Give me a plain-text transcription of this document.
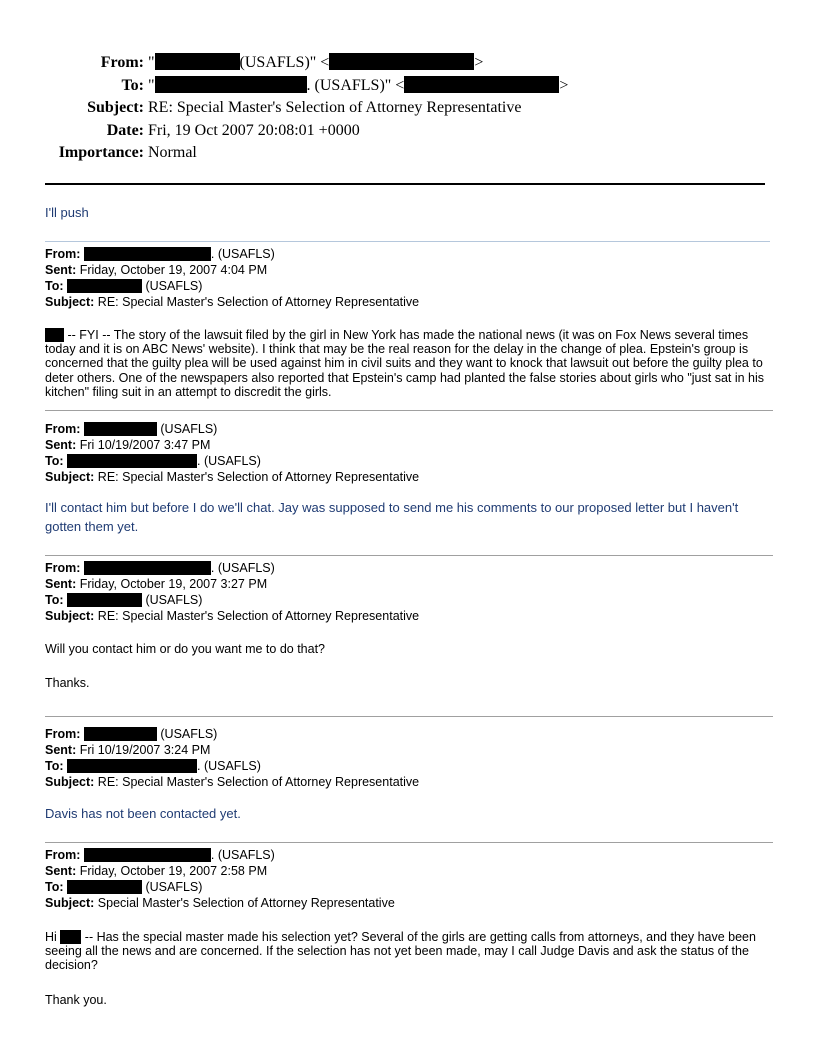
From: "	(USAFLS)" <	>
To: "	. (USAFLS)" <	>
Subject: RE: Special Master's Selection of Attorney Representative
Date: Fri, 19 Oct 2007 20:08:01 +0000
Importance: Normal
I'll push
From:	. (USAFLS)
Sent: Friday, October 19, 2007 4:04 PM
To:	(USAFLS)
Subject: RE: Special Master's Selection of Attorney Representative
-- FYI -- The story of the lawsuit filed by the girl in New York has made the national news (it was on Fox News several times today and it is on ABC News' website). I think that may be the real reason for the delay in the change of plea. Epstein's group is concerned that the guilty plea will be used against him in civil suits and they want to knock that lawsuit out before the guilty plea to deter others. One of the newspapers also reported that Epstein's camp had planted the false stories about girls who "just sat in his kitchen" filing suit in an attempt to discredit the girls.
From:	(USAFLS)
Sent: Fri 10/19/2007 3:47 PM
To:	. (USAFLS)
Subject: RE: Special Master's Selection of Attorney Representative
I'll contact him but before I do we'll chat. Jay was supposed to send me his comments to our proposed letter but I haven't gotten them yet.
From:	. (USAFLS)
Sent: Friday, October 19, 2007 3:27 PM
To:	(USAFLS)
Subject: RE: Special Master's Selection of Attorney Representative
Will you contact him or do you want me to do that?
Thanks.
From:	(USAFLS)
Sent: Fri 10/19/2007 3:24 PM
To:	. (USAFLS)
Subject: RE: Special Master's Selection of Attorney Representative
Davis has not been contacted yet.
From:	. (USAFLS)
Sent: Friday, October 19, 2007 2:58 PM
To:	(USAFLS)
Subject: Special Master's Selection of Attorney Representative
Hi -- Has the special master made his selection yet? Several of the girls are getting calls from attorneys, and they have been seeing all the news and are concerned. If the selection has not yet been made, may I call Judge Davis and ask the status of the decision?
Thank you.
